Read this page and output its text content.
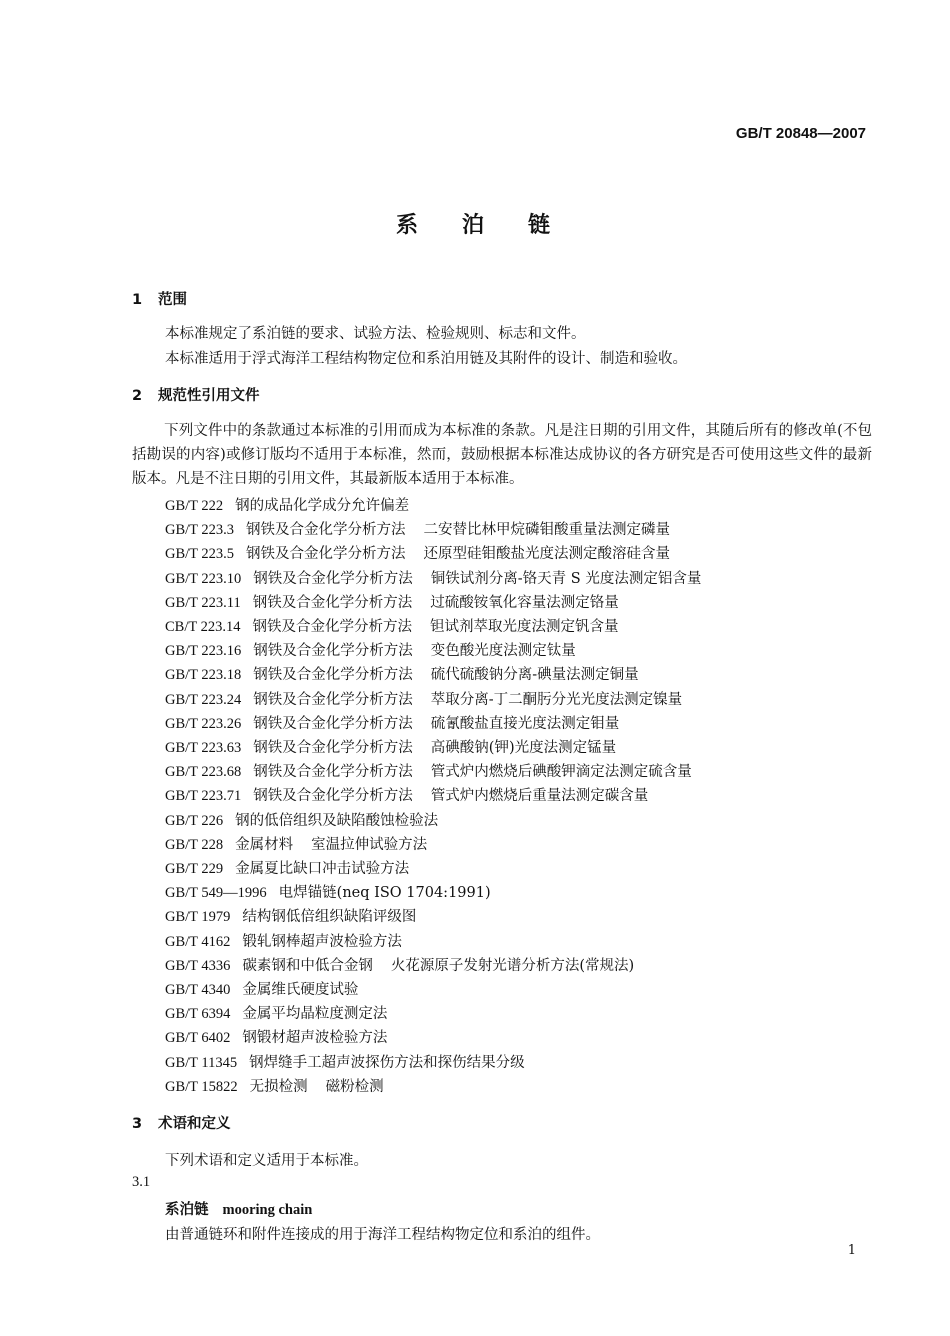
GB/T 20848—2007
系泊链
1 范围
本标准规定了系泊链的要求、试验方法、检验规则、标志和文件。
本标准适用于浮式海洋工程结构物定位和系泊用链及其附件的设计、制造和验收。
2 规范性引用文件
下列文件中的条款通过本标准的引用而成为本标准的条款。凡是注日期的引用文件，其随后所有的修改单(不包括勘误的内容)或修订版均不适用于本标准，然而，鼓励根据本标准达成协议的各方研究是否可使用这些文件的最新版本。凡是不注日期的引用文件，其最新版本适用于本标准。
GB/T 222 钢的成品化学成分允许偏差
GB/T 223.3 钢铁及合金化学分析方法 二安替比林甲烷磷钼酸重量法测定磷量
GB/T 223.5 钢铁及合金化学分析方法 还原型硅钼酸盐光度法测定酸溶硅含量
GB/T 223.10 钢铁及合金化学分析方法 铜铁试剂分离-铬天青 S 光度法测定铝含量
GB/T 223.11 钢铁及合金化学分析方法 过硫酸铵氧化容量法测定铬量
CB/T 223.14 钢铁及合金化学分析方法 钽试剂萃取光度法测定钒含量
GB/T 223.16 钢铁及合金化学分析方法 变色酸光度法测定钛量
GB/T 223.18 钢铁及合金化学分析方法 硫代硫酸钠分离-碘量法测定铜量
GB/T 223.24 钢铁及合金化学分析方法 萃取分离-丁二酮肟分光光度法测定镍量
GB/T 223.26 钢铁及合金化学分析方法 硫氰酸盐直接光度法测定钼量
GB/T 223.63 钢铁及合金化学分析方法 高碘酸钠(钾)光度法测定锰量
GB/T 223.68 钢铁及合金化学分析方法 管式炉内燃烧后碘酸钾滴定法测定硫含量
GB/T 223.71 钢铁及合金化学分析方法 管式炉内燃烧后重量法测定碳含量
GB/T 226 钢的低倍组织及缺陷酸蚀检验法
GB/T 228 金属材料 室温拉伸试验方法
GB/T 229 金属夏比缺口冲击试验方法
GB/T 549—1996 电焊锚链(neq ISO 1704:1991)
GB/T 1979 结构钢低倍组织缺陷评级图
GB/T 4162 锻轧钢棒超声波检验方法
GB/T 4336 碳素钢和中低合金钢 火花源原子发射光谱分析方法(常规法)
GB/T 4340 金属维氏硬度试验
GB/T 6394 金属平均晶粒度测定法
GB/T 6402 钢锻材超声波检验方法
GB/T 11345 钢焊缝手工超声波探伤方法和探伤结果分级
GB/T 15822 无损检测 磁粉检测
3 术语和定义
下列术语和定义适用于本标准。
3.1
系泊链 mooring chain
由普通链环和附件连接成的用于海洋工程结构物定位和系泊的组件。
1
